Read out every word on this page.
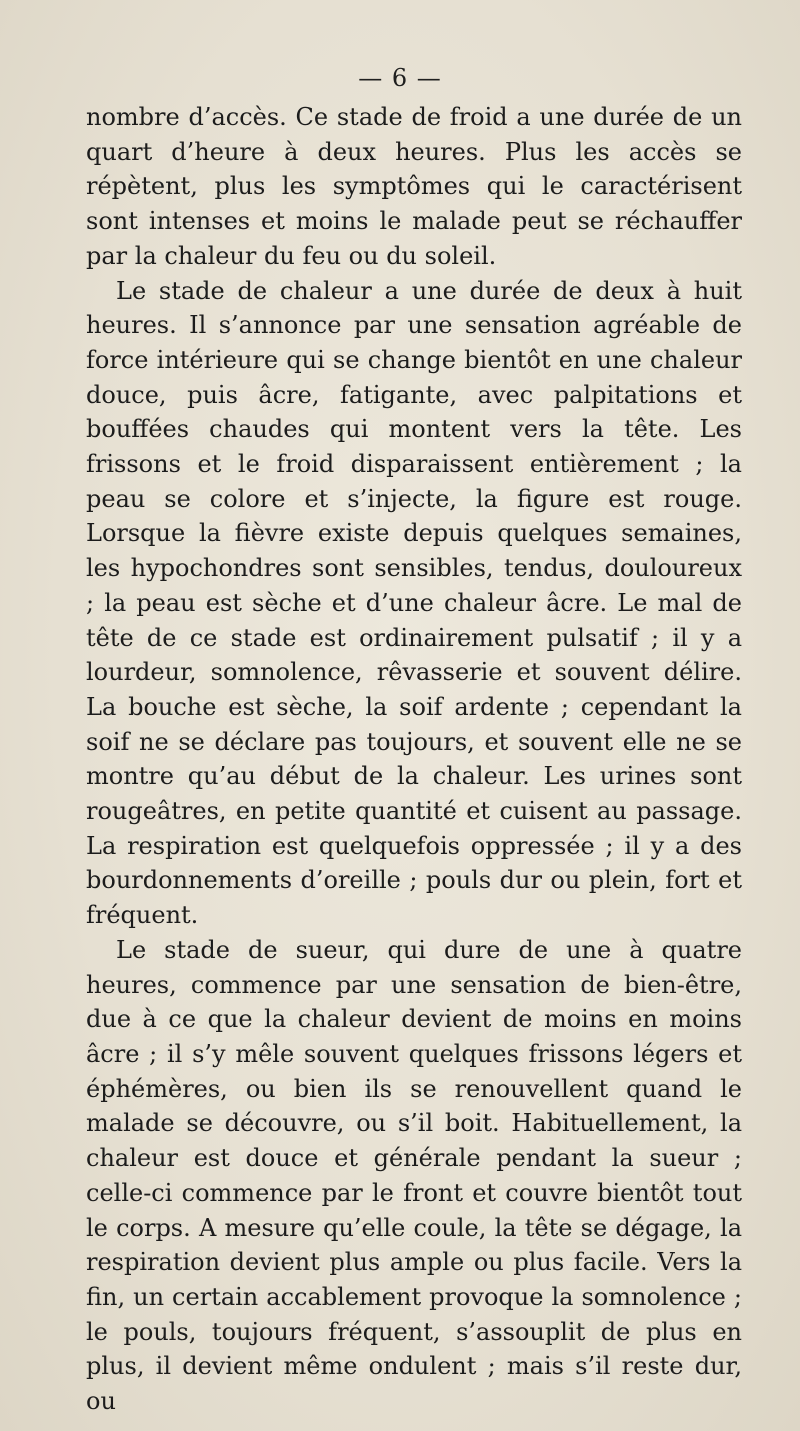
— 6 —

nombre d’accès. Ce stade de froid a une durée de un quart d’heure à deux heures. Plus les accès se répètent, plus les symptômes qui le caractérisent sont intenses et moins le malade peut se réchauffer par la chaleur du feu ou du soleil.

Le stade de chaleur a une durée de deux à huit heures. Il s’annonce par une sensation agréable de force intérieure qui se change bientôt en une chaleur douce, puis âcre, fatigante, avec palpitations et bouffées chaudes qui montent vers la tête. Les frissons et le froid disparaissent entièrement ; la peau se colore et s’injecte, la figure est rouge. Lorsque la fièvre existe depuis quelques semaines, les hypochondres sont sensibles, tendus, douloureux ; la peau est sèche et d’une chaleur âcre. Le mal de tête de ce stade est ordinairement pulsatif ; il y a lourdeur, somnolence, rêvasserie et souvent délire. La bouche est sèche, la soif ardente ; cependant la soif ne se déclare pas toujours, et souvent elle ne se montre qu’au début de la chaleur. Les urines sont rougeâtres, en petite quantité et cuisent au passage. La respiration est quelquefois oppressée ; il y a des bourdonnements d’oreille ; pouls dur ou plein, fort et fréquent.

Le stade de sueur, qui dure de une à quatre heures, commence par une sensation de bien-être, due à ce que la chaleur devient de moins en moins âcre ; il s’y mêle souvent quelques frissons légers et éphémères, ou bien ils se renouvellent quand le malade se découvre, ou s’il boit. Habituellement, la chaleur est douce et générale pendant la sueur ; celle-ci commence par le front et couvre bientôt tout le corps. A mesure qu’elle coule, la tête se dégage, la respiration devient plus ample ou plus facile. Vers la fin, un certain accablement provoque la somnolence ; le pouls, toujours fréquent, s’assouplit de plus en plus, il devient même ondulent ; mais s’il reste dur, ou
